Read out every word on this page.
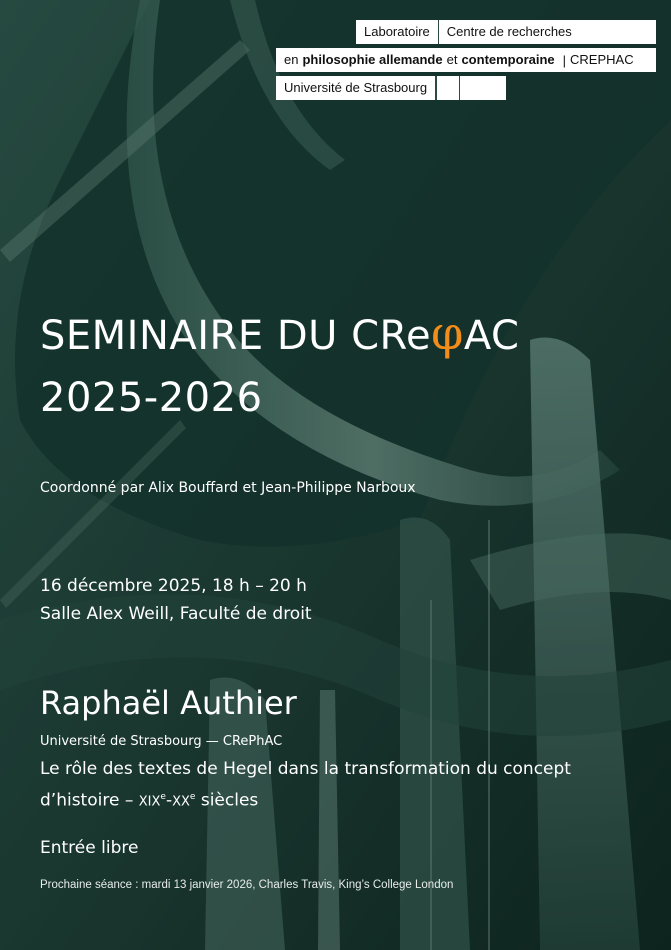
Laboratoire	Centre de recherches
en philosophie allemande et contemporaine | CREPHAC
Université de Strasbourg
SEMINAIRE DU CReφAC
2025-2026
Coordonné par Alix Bouffard et Jean-Philippe Narboux
16 décembre 2025, 18 h – 20 h
Salle Alex Weill, Faculté de droit
Raphaël Authier
Université de Strasbourg — CRePhAC
Le rôle des textes de Hegel dans la transformation du concept
d’histoire – XIXe-XXe siècles
Entrée libre
Prochaine séance : mardi 13 janvier 2026, Charles Travis, King’s College London
